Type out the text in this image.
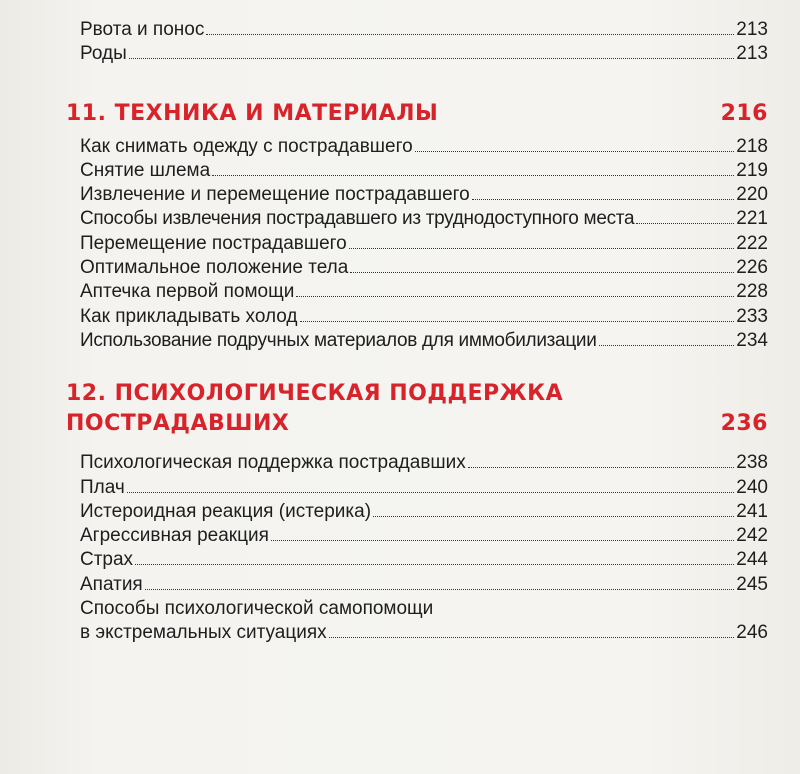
Рвота и понос	213
Роды	213
11. ТЕХНИКА И МАТЕРИАЛЫ	216
Как снимать одежду с пострадавшего	218
Снятие шлема	219
Извлечение и перемещение пострадавшего	220
Способы извлечения пострадавшего из труднодоступного места	221
Перемещение пострадавшего	222
Оптимальное положение тела	226
Аптечка первой помощи	228
Как прикладывать холод	233
Использование подручных материалов для иммобилизации	234
12. ПСИХОЛОГИЧЕСКАЯ ПОДДЕРЖКА
ПОСТРАДАВШИХ	236
Психологическая поддержка пострадавших	238
Плач	240
Истероидная реакция (истерика)	241
Агрессивная реакция	242
Страх	244
Апатия	245
Способы психологической самопомощи
в экстремальных ситуациях	246
